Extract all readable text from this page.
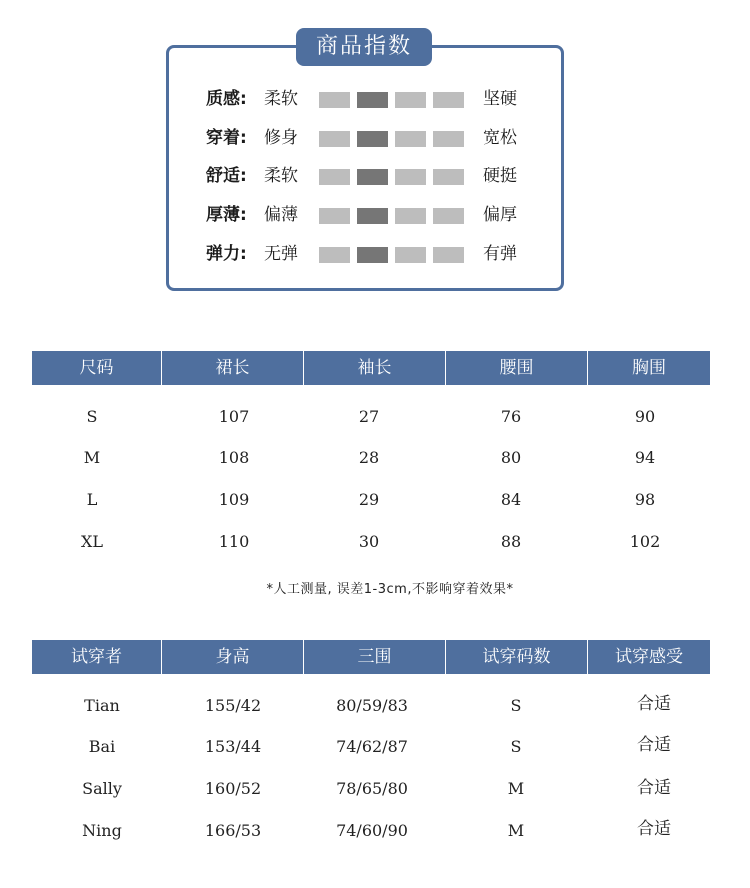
商品指数
质感: 柔软	坚硬
穿着: 修身	宽松
舒适: 柔软	硬挺
厚薄: 偏薄	偏厚
弹力: 无弹	有弹
尺码	裙长	袖长	腰围	胸围
S	107	27	76	90
M	108	28	80	94
L	109	29	84	98
XL	110	30	88	102
*人工测量, 误差1-3cm,不影响穿着效果*
试穿者	身高	三围	试穿码数	试穿感受
Tian	155/42	80/59/83	S	合适
Bai	153/44	74/62/87	S	合适
Sally	160/52	78/65/80	M	合适
Ning	166/53	74/60/90	M	合适
